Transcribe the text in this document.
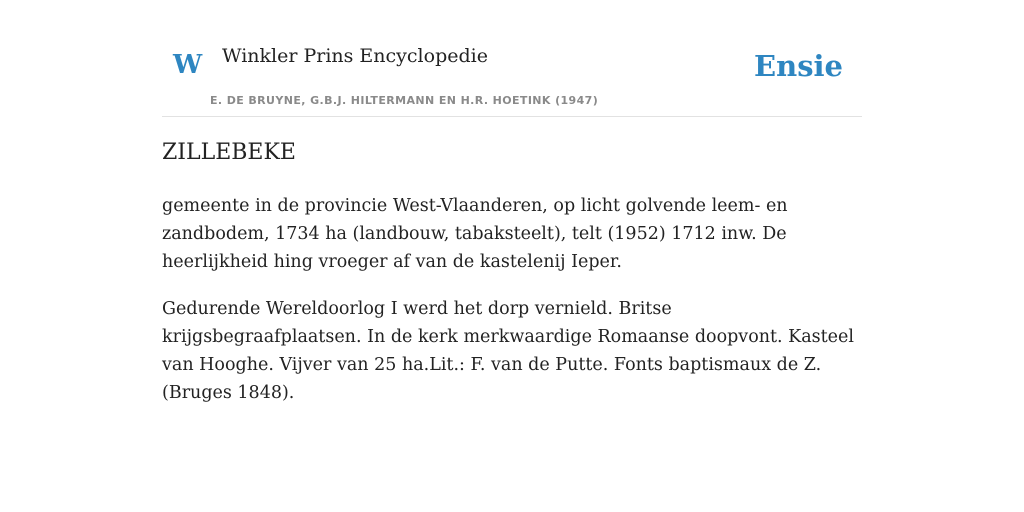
W Winkler Prins Encyclopedie
E. DE BRUYNE, G.B.J. HILTERMANN EN H.R. HOETINK (1947)
Ensie
ZILLEBEKE

gemeente in de provincie West-Vlaanderen, op licht golvende leem- en zandbodem, 1734 ha (landbouw, tabaksteelt), telt (1952) 1712 inw. De heerlijkheid hing vroeger af van de kastelenij Ieper.

Gedurende Wereldoorlog I werd het dorp vernield. Britse krijgsbegraafplaatsen. In de kerk merkwaardige Romaanse doopvont. Kasteel van Hooghe. Vijver van 25 ha.Lit.: F. van de Putte. Fonts baptismaux de Z. (Bruges 1848).
